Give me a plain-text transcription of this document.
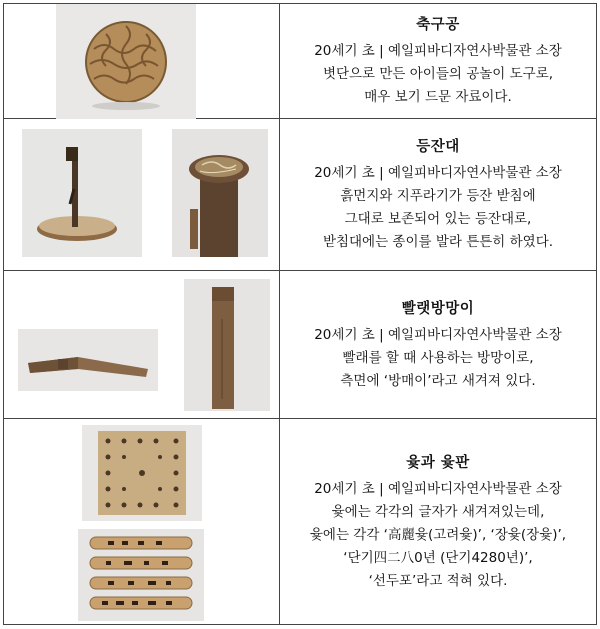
축구공
20세기 초 | 예일피바디자연사박물관 소장
볏단으로 만든 아이들의 공놀이 도구로,
매우 보기 드문 자료이다.
등잔대
20세기 초 | 예일피바디자연사박물관 소장
흙먼지와 지푸라기가 등잔 받침에
그대로 보존되어 있는 등잔대로,
받침대에는 종이를 발라 튼튼히 하였다.
빨랫방망이
20세기 초 | 예일피바디자연사박물관 소장
빨래를 할 때 사용하는 방망이로,
측면에 ‘방매이’라고 새겨져 있다.
윷과 윷판
20세기 초 | 예일피바디자연사박물관 소장
윷에는 각각의 글자가 새겨져있는데,
윷에는 각각 ‘高麗윷(고려윷)’, ‘장윷(장윷)’,
‘단기四二八0년 (단기4280년)’,
‘선두포’라고 적혀 있다.
